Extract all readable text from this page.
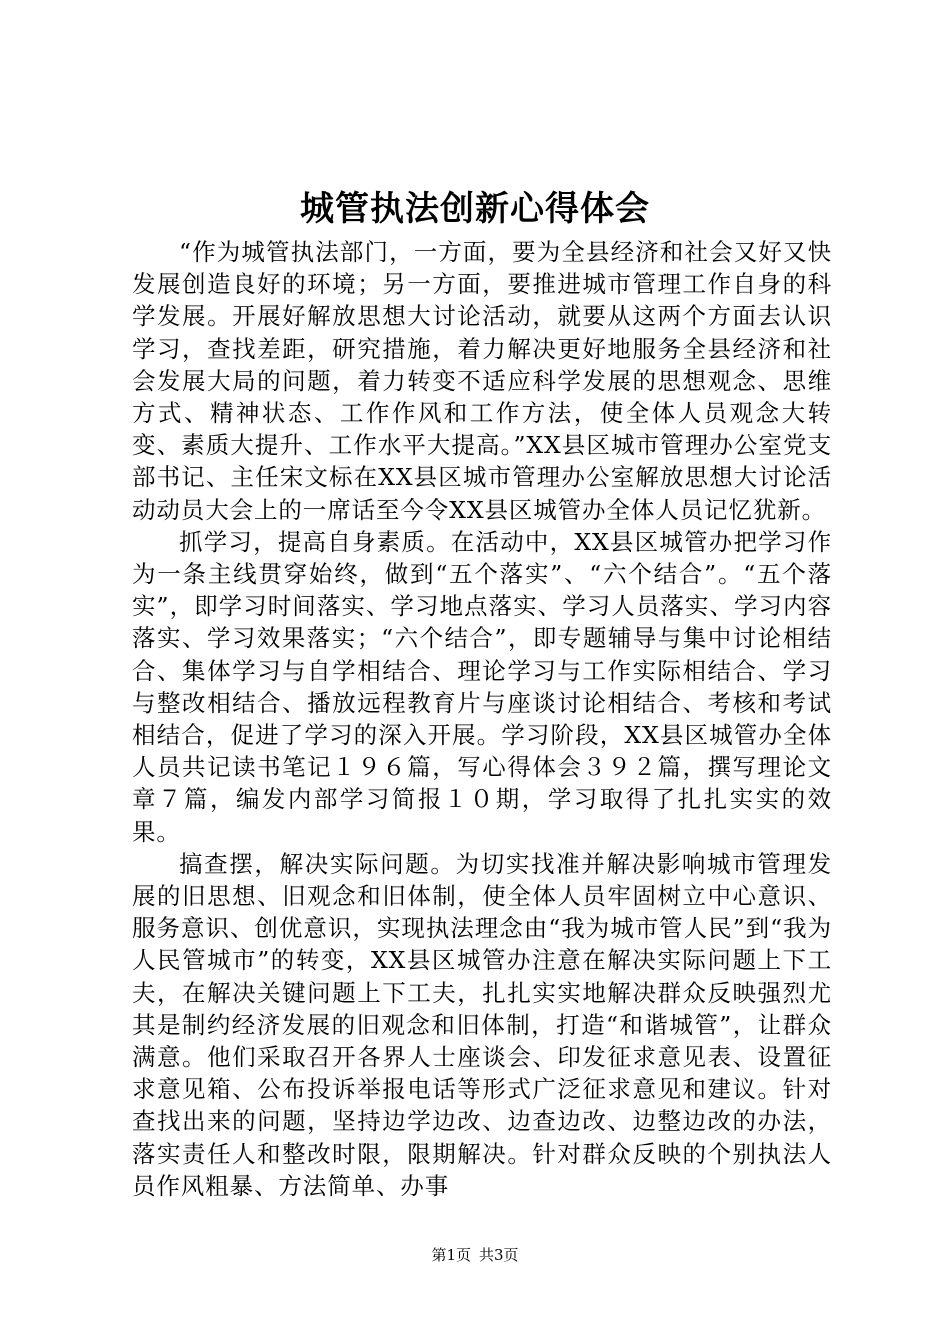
城管执法创新心得体会

“作为城管执法部门，一方面，要为全县经济和社会又好又快发展创造良好的环境；另一方面，要推进城市管理工作自身的科学发展。开展好解放思想大讨论活动，就要从这两个方面去认识学习，查找差距，研究措施，着力解决更好地服务全县经济和社会发展大局的问题，着力转变不适应科学发展的思想观念、思维方式、精神状态、工作作风和工作方法，使全体人员观念大转变、素质大提升、工作水平大提高。”XX县区城市管理办公室党支部书记、主任宋文标在XX县区城市管理办公室解放思想大讨论活动动员大会上的一席话至今令XX县区城管办全体人员记忆犹新。

抓学习，提高自身素质。在活动中，XX县区城管办把学习作为一条主线贯穿始终，做到“五个落实”、“六个结合”。“五个落实”，即学习时间落实、学习地点落实、学习人员落实、学习内容落实、学习效果落实；“六个结合”，即专题辅导与集中讨论相结合、集体学习与自学相结合、理论学习与工作实际相结合、学习与整改相结合、播放远程教育片与座谈讨论相结合、考核和考试相结合，促进了学习的深入开展。学习阶段，XX县区城管办全体人员共记读书笔记１９６篇，写心得体会３９２篇，撰写理论文章７篇，编发内部学习简报１０期，学习取得了扎扎实实的效果。

搞查摆，解决实际问题。为切实找准并解决影响城市管理发展的旧思想、旧观念和旧体制，使全体人员牢固树立中心意识、服务意识、创优意识，实现执法理念由“我为城市管人民”到“我为人民管城市”的转变，XX县区城管办注意在解决实际问题上下工夫，在解决关键问题上下工夫，扎扎实实地解决群众反映强烈尤其是制约经济发展的旧观念和旧体制，打造“和谐城管”，让群众满意。他们采取召开各界人士座谈会、印发征求意见表、设置征求意见箱、公布投诉举报电话等形式广泛征求意见和建议。针对查找出来的问题，坚持边学边改、边查边改、边整边改的办法，落实责任人和整改时限，限期解决。针对群众反映的个别执法人员作风粗暴、方法简单、办事

第1页 共3页
